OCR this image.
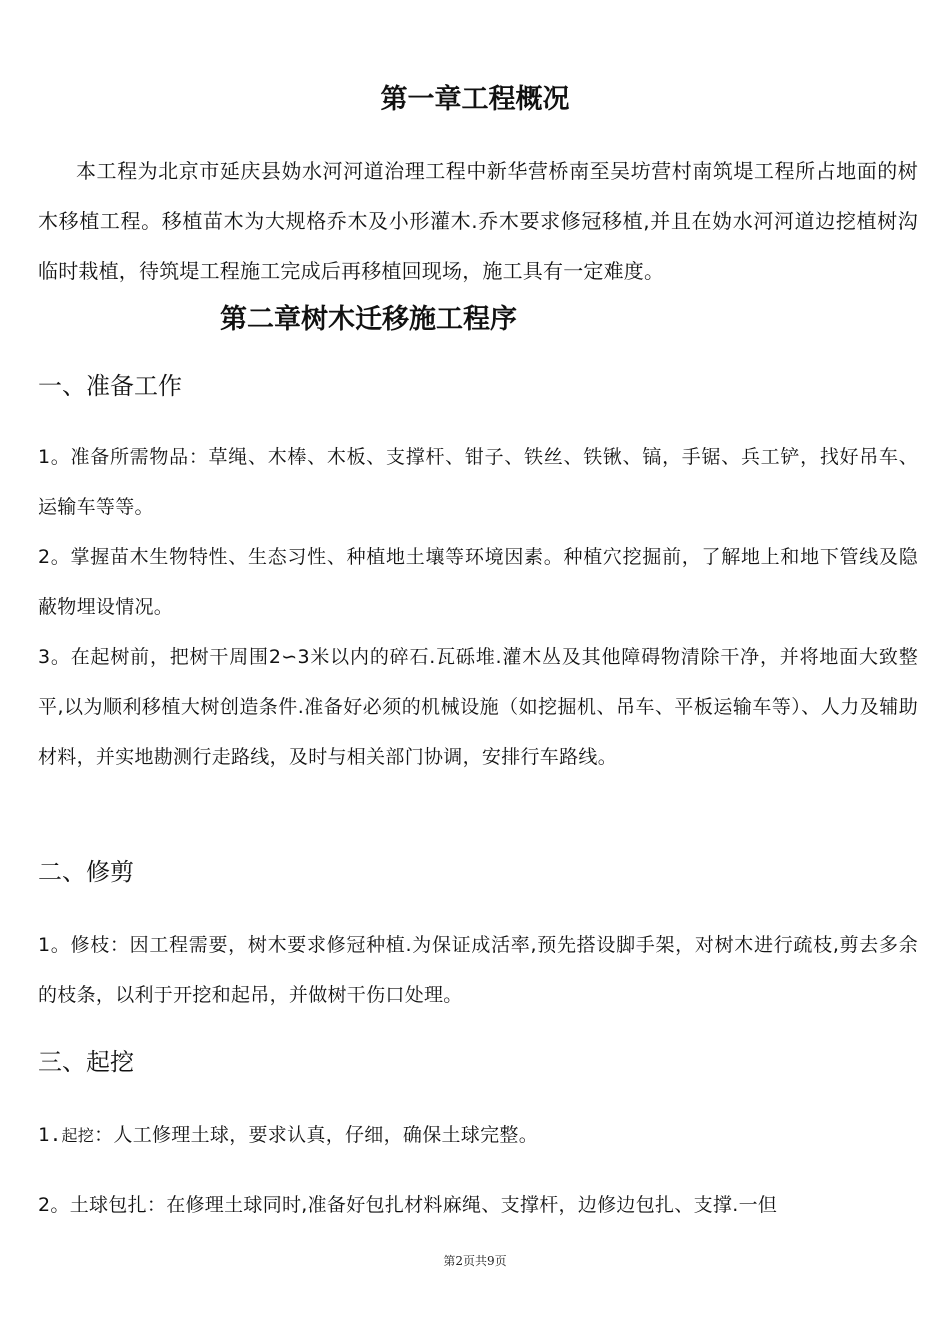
第一章工程概况
本工程为北京市延庆县妫水河河道治理工程中新华营桥南至吴坊营村南筑堤工程所占地面的树木移植工程。移植苗木为大规格乔木及小形灌木.乔木要求修冠移植,并且在妫水河河道边挖植树沟临时栽植，待筑堤工程施工完成后再移植回现场，施工具有一定难度。
第二章树木迁移施工程序
一、准备工作
1。准备所需物品：草绳、木棒、木板、支撑杆、钳子、铁丝、铁锹、镐，手锯、兵工铲，找好吊车、运输车等等。
2。掌握苗木生物特性、生态习性、种植地土壤等环境因素。种植穴挖掘前，了解地上和地下管线及隐蔽物埋设情况。
3。在起树前，把树干周围2∽3米以内的碎石.瓦砾堆.灌木丛及其他障碍物清除干净，并将地面大致整平,以为顺利移植大树创造条件.准备好必须的机械设施（如挖掘机、吊车、平板运输车等）、人力及辅助材料，并实地勘测行走路线，及时与相关部门协调，安排行车路线。
二、修剪
1。修枝：因工程需要，树木要求修冠种植.为保证成活率,预先搭设脚手架，对树木进行疏枝,剪去多余的枝条，以利于开挖和起吊，并做树干伤口处理。
三、起挖
1.起挖：人工修理土球，要求认真，仔细，确保土球完整。
2。土球包扎：在修理土球同时,准备好包扎材料麻绳、支撑杆，边修边包扎、支撑.一但
第2页共9页
